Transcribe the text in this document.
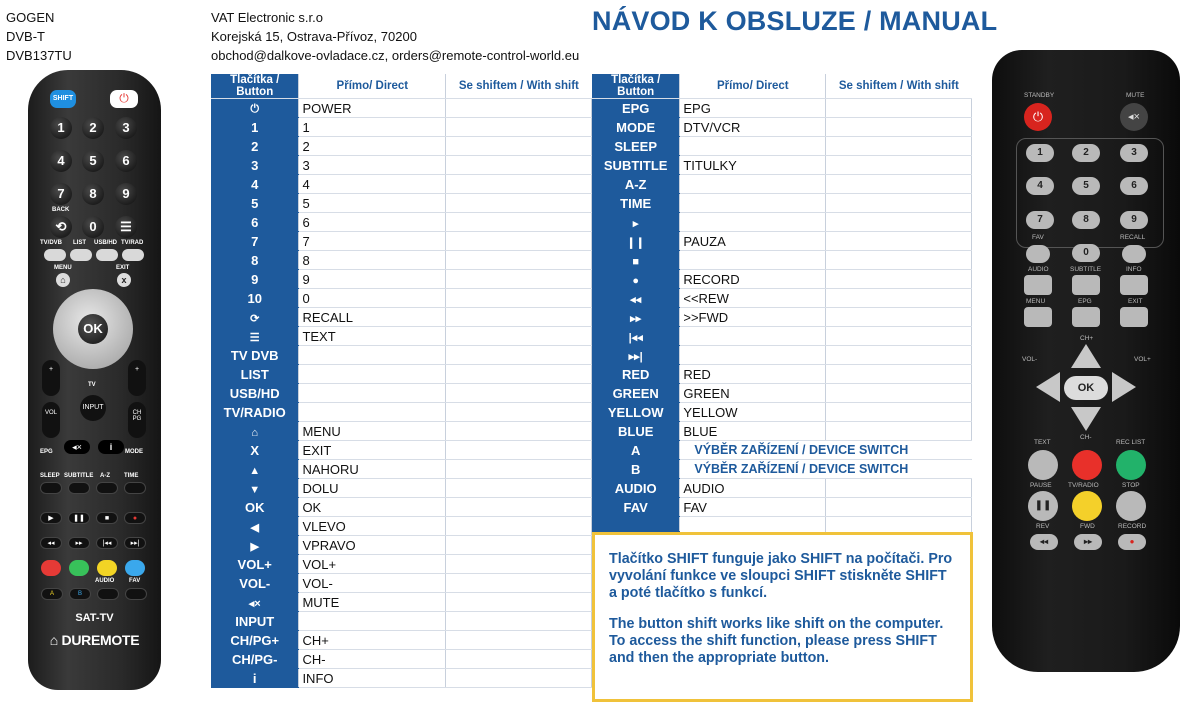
GOGEN
DVB-T
DVB137TU
VAT Electronic s.r.o
Korejská 15, Ostrava-Přívoz, 70200
obchod@dalkove-ovladace.cz, orders@remote-control-world.eu
NÁVOD K OBSLUZE / MANUAL
Tlačítka / Button	Přímo/ Direct	Se shiftem / With shift
⏻	POWER	
1	1	
2	2	
3	3	
4	4	
5	5	
6	6	
7	7	
8	8	
9	9	
10	0	
⟳	RECALL	
☰	TEXT	
TV DVB		
LIST		
USB/HD		
TV/RADIO		
⌂	MENU	
X	EXIT	
▲	NAHORU	
▼	DOLU	
OK	OK	
◀	VLEVO	
▶	VPRAVO	
VOL+	VOL+	
VOL-	VOL-	
◂×	MUTE	
INPUT		
CH/PG+	CH+	
CH/PG-	CH-	
i	INFO	
Tlačítka / Button	Přímo/ Direct	Se shiftem / With shift
EPG	EPG	
MODE	DTV/VCR	
SLEEP		
SUBTITLE	TITULKY	
A-Z		
TIME		
▸		
❙❙	PAUZA	
■		
●	RECORD	
◂◂	<<REW	
▸▸	>>FWD	
|◂◂		
▸▸|		
RED	RED	
GREEN	GREEN	
YELLOW	YELLOW	
BLUE	BLUE	
A	VÝBĚR ZAŘÍZENÍ / DEVICE SWITCH	
B	VÝBĚR ZAŘÍZENÍ / DEVICE SWITCH	
AUDIO	AUDIO	
FAV	FAV	

Tlačítko SHIFT funguje jako SHIFT na počítači. Pro
vyvolání funkce ve sloupci SHIFT stiskněte SHIFT
a poté tlačítko s funkcí.

The button shift works like shift on the computer.
To access the shift function, please press SHIFT
and then the appropriate button.

SHIFT	⏻
1	2	3
4	5	6
7	8	9
BACK
⟲	0	☰
TV/DVB LIST USB/HD TV/RAD
MENU	EXIT
⌂	x
OK
+	+
TV
INPUT
VOL	CH PG
◂×	i
EPG	MODE
SLEEP SUBTITLE A-Z TIME
▶	❚❚	■	●
◂◂	▸▸	|◂◂	▸▸|
AUDIO FAV
A	B
SAT-TV
⌂ DUREMOTE
STANDBY	MUTE
⏻	◂×
1	2	3
4	5	6
7	8	9
FAV	RECALL
0
AUDIO	SUBTITLE	INFO
MENU	EPG	EXIT
CH+
VOL-	VOL+
OK
CH-
TEXT	REC LIST
PAUSE	TV/RADIO	STOP
❚❚
REV	FWD	RECORD
◂◂	▸▸	●
